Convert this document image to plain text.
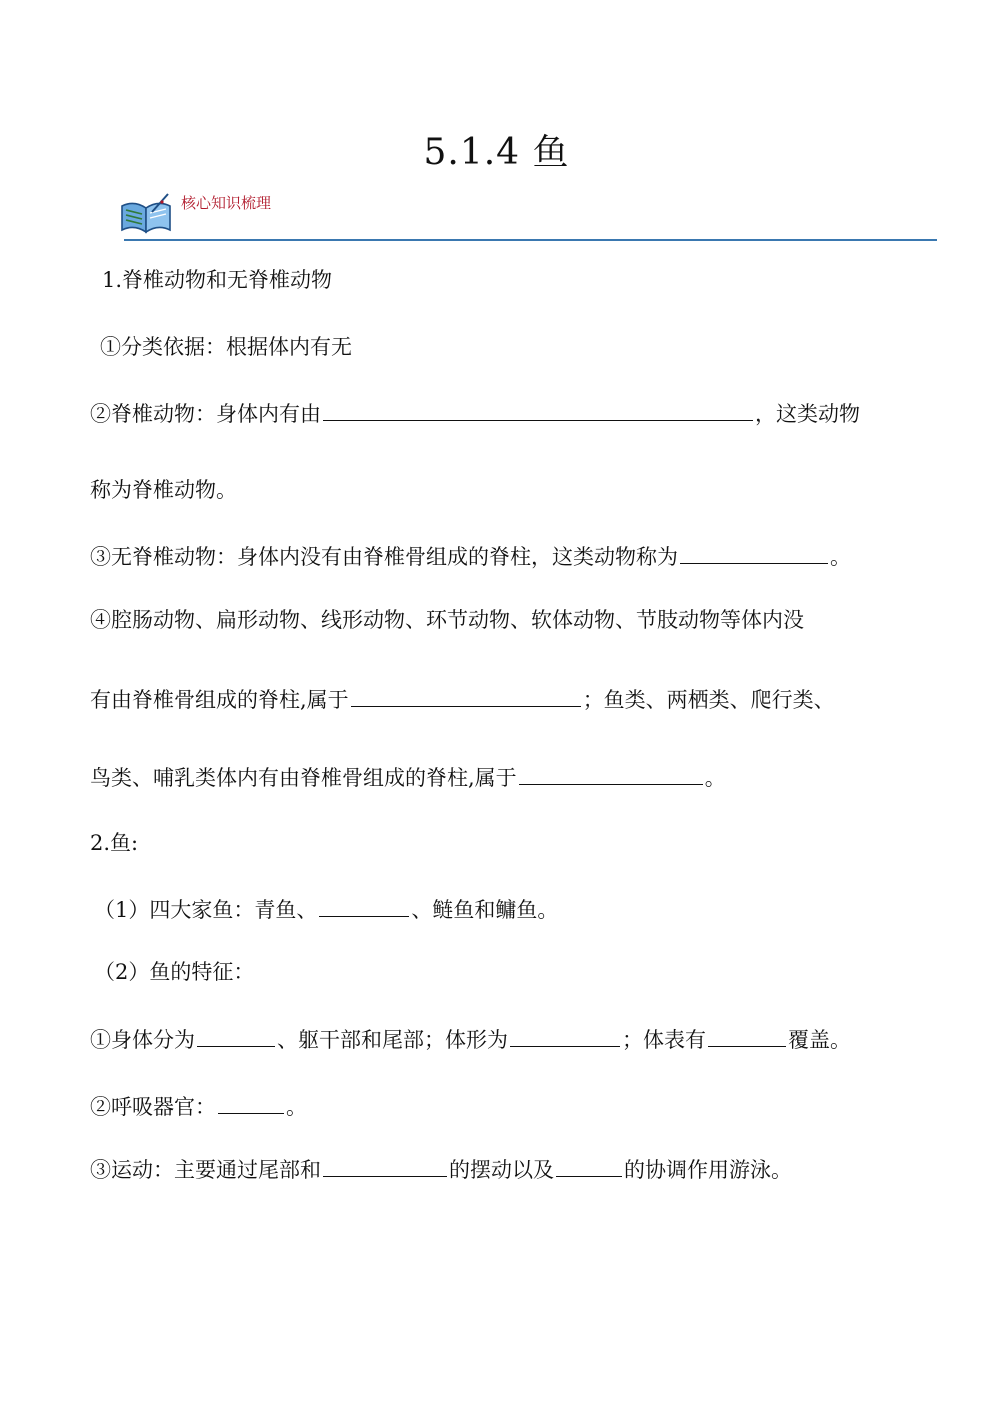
5.1.4 鱼
核心知识梳理
1.脊椎动物和无脊椎动物
①分类依据：根据体内有无
②脊椎动物：身体内有由	，这类动物
称为脊椎动物。
③无脊椎动物：身体内没有由脊椎骨组成的脊柱，这类动物称为	。
④腔肠动物、扁形动物、线形动物、环节动物、软体动物、节肢动物等体内没
有由脊椎骨组成的脊柱,属于	；鱼类、两栖类、爬行类、
鸟类、哺乳类体内有由脊椎骨组成的脊柱,属于	。
2.鱼:
（1）四大家鱼：青鱼、	、鲢鱼和鳙鱼。
（2）鱼的特征：
①身体分为	、躯干部和尾部；体形为	；体表有	覆盖。
②呼吸器官：	。
③运动：主要通过尾部和	的摆动以及	的协调作用游泳。
